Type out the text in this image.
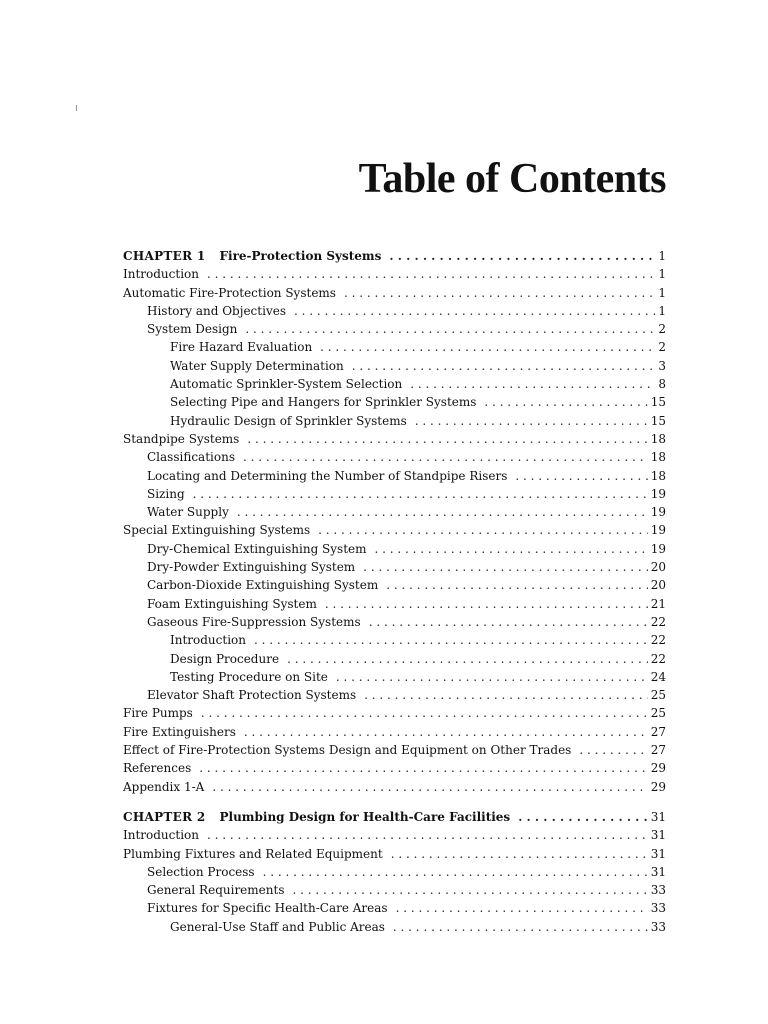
Table of Contents
CHAPTER 1 Fire-Protection Systems . . .	1
Introduction . . .	1
Automatic Fire-Protection Systems . . .	1
History and Objectives . . .	1
System Design . . .	2
Fire Hazard Evaluation . . .	2
Water Supply Determination . . .	3
Automatic Sprinkler-System Selection . . .	8
Selecting Pipe and Hangers for Sprinkler Systems . . .	15
Hydraulic Design of Sprinkler Systems . . .	15
Standpipe Systems . . .	18
Classifications . . .	18
Locating and Determining the Number of Standpipe Risers . . .	18
Sizing . . .	19
Water Supply . . .	19
Special Extinguishing Systems . . .	19
Dry-Chemical Extinguishing System . . .	19
Dry-Powder Extinguishing System . . .	20
Carbon-Dioxide Extinguishing System . . .	20
Foam Extinguishing System . . .	21
Gaseous Fire-Suppression Systems . . .	22
Introduction . . .	22
Design Procedure . . .	22
Testing Procedure on Site . . .	24
Elevator Shaft Protection Systems . . .	25
Fire Pumps . . .	25
Fire Extinguishers . . .	27
Effect of Fire-Protection Systems Design and Equipment on Other Trades . . .	27
References . . .	29
Appendix 1-A . . .	29
CHAPTER 2 Plumbing Design for Health-Care Facilities . . .	31
Introduction . . .	31
Plumbing Fixtures and Related Equipment . . .	31
Selection Process . . .	31
General Requirements . . .	33
Fixtures for Specific Health-Care Areas . . .	33
General-Use Staff and Public Areas . . .	33
